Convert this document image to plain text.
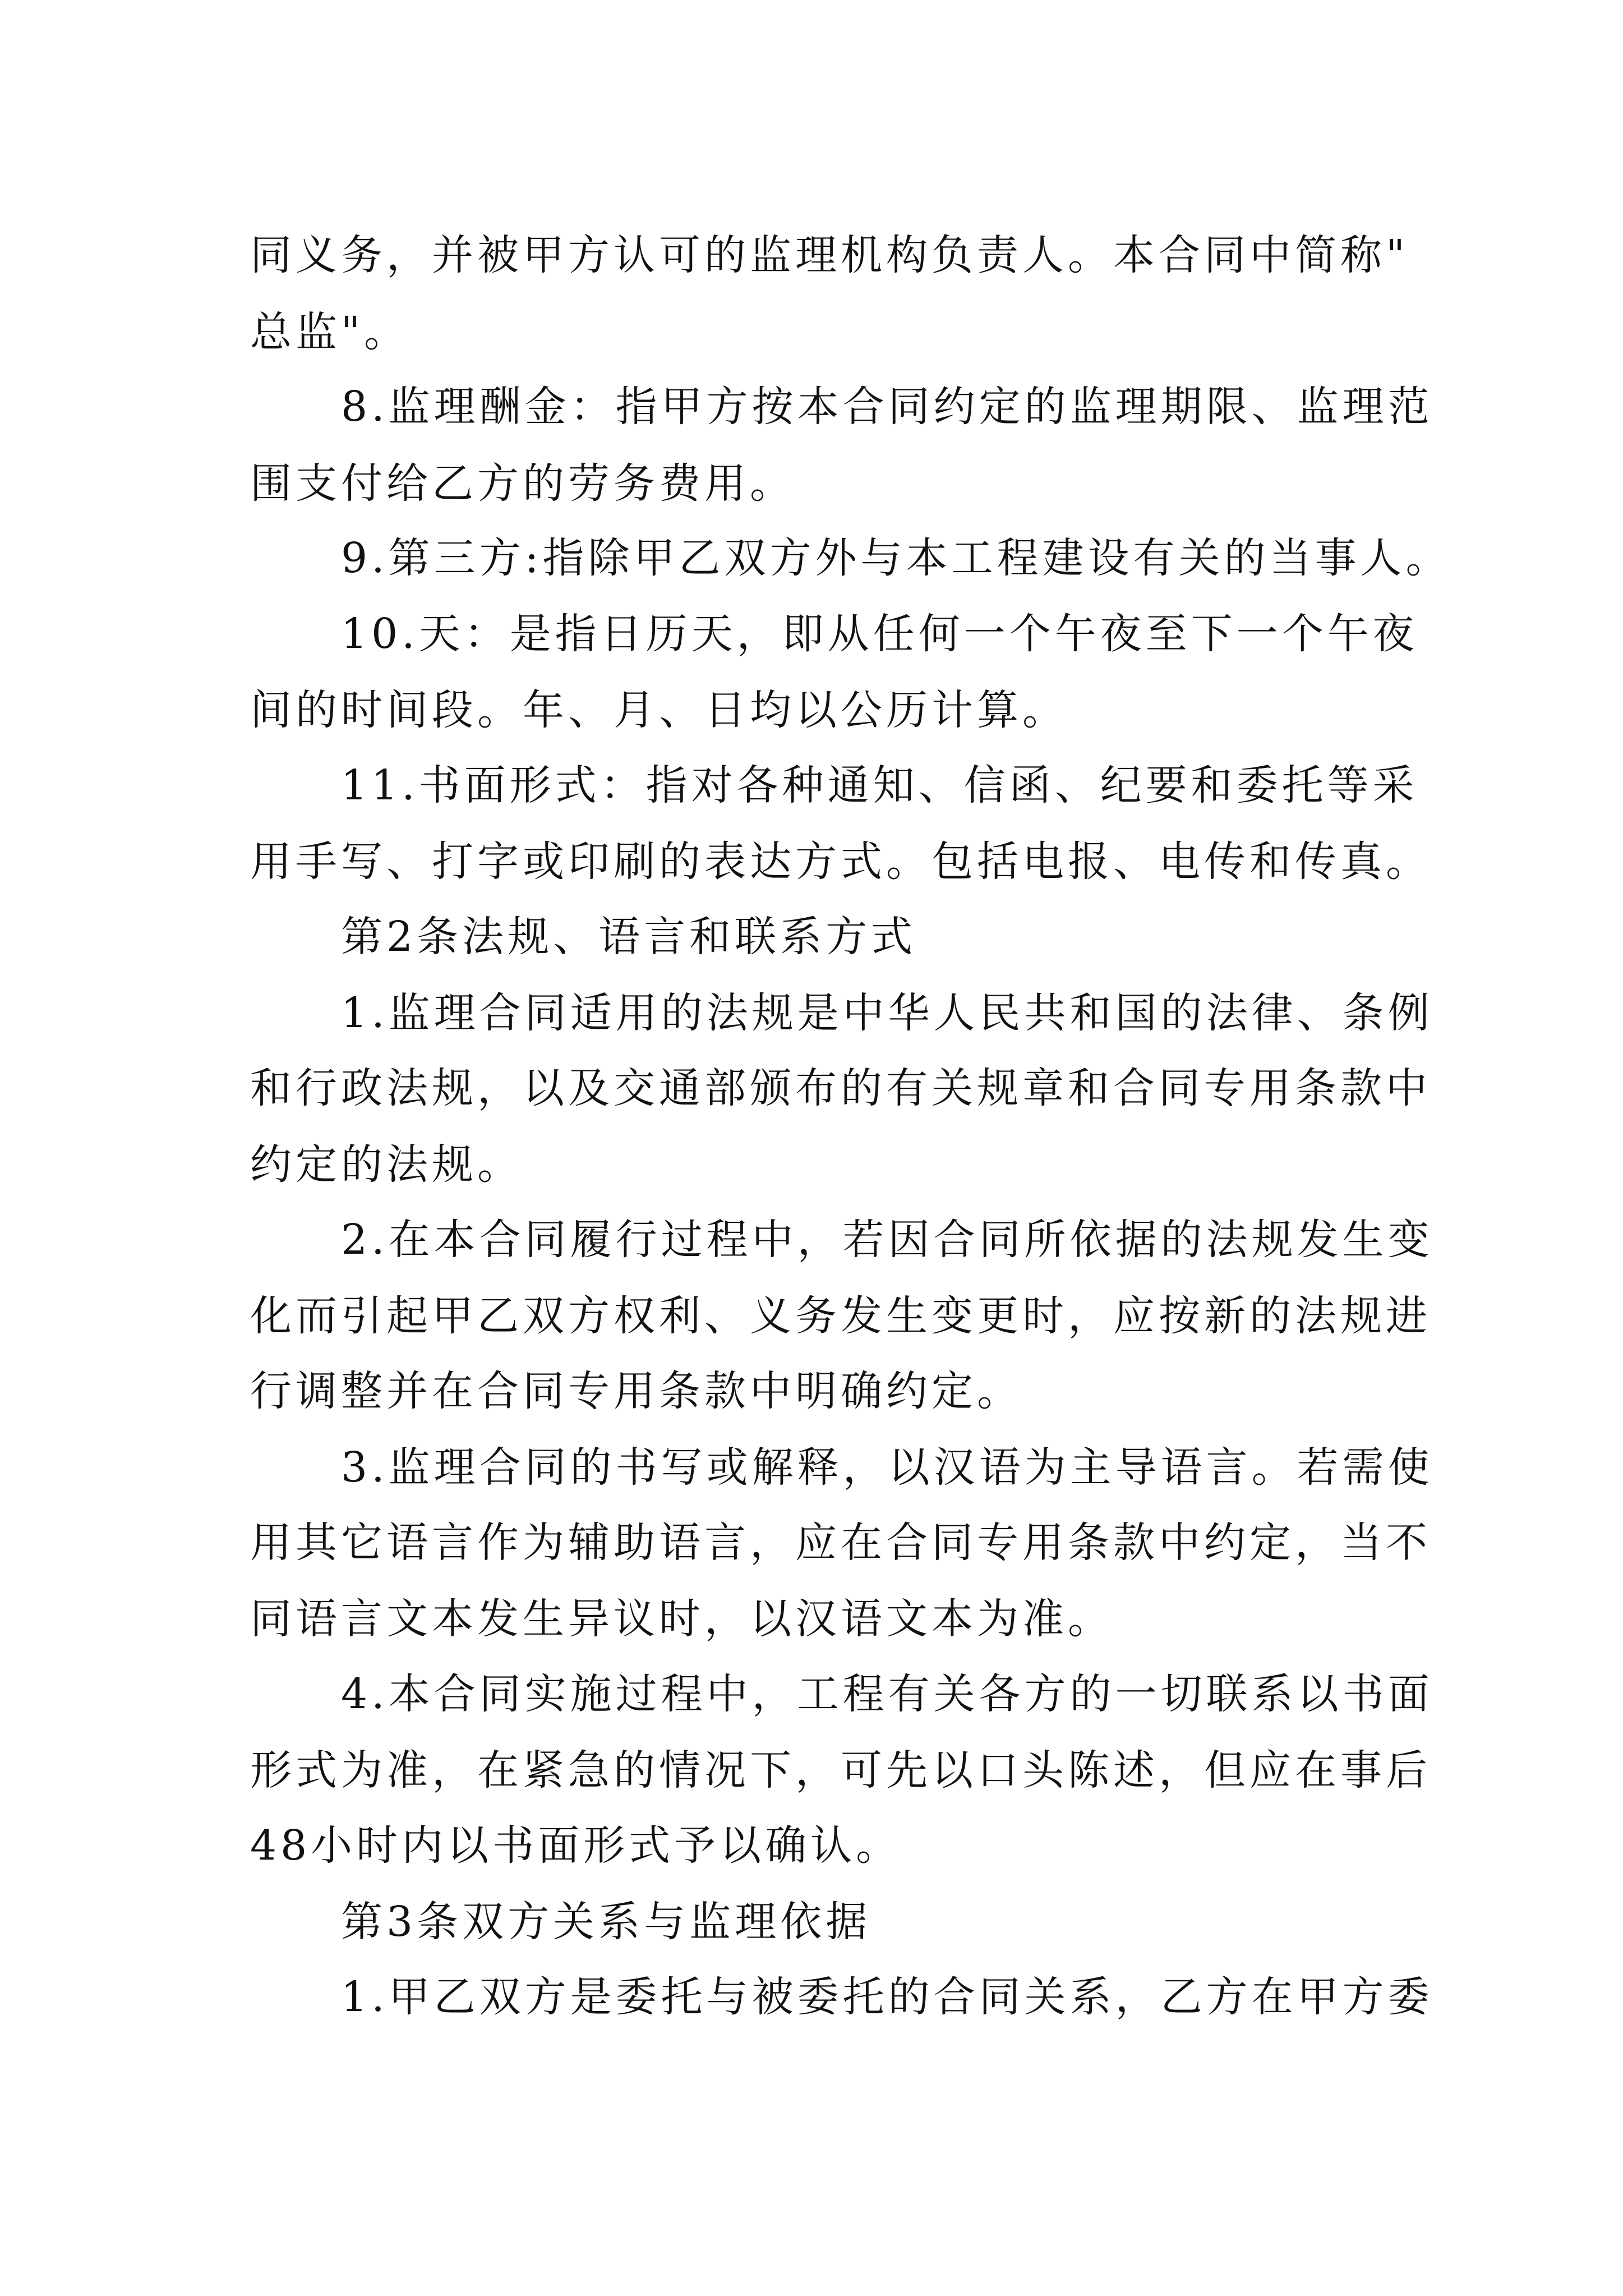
同义务，并被甲方认可的监理机构负责人。本合同中简称"
总监"。
8.监理酬金：指甲方按本合同约定的监理期限、监理范
围支付给乙方的劳务费用。
9.第三方:指除甲乙双方外与本工程建设有关的当事人。
10.天：是指日历天，即从任何一个午夜至下一个午夜
间的时间段。年、月、日均以公历计算。
11.书面形式：指对各种通知、信函、纪要和委托等采
用手写、打字或印刷的表达方式。包括电报、电传和传真。
第2条法规、语言和联系方式
1.监理合同适用的法规是中华人民共和国的法律、条例
和行政法规，以及交通部颁布的有关规章和合同专用条款中
约定的法规。
2.在本合同履行过程中，若因合同所依据的法规发生变
化而引起甲乙双方权利、义务发生变更时，应按新的法规进
行调整并在合同专用条款中明确约定。
3.监理合同的书写或解释，以汉语为主导语言。若需使
用其它语言作为辅助语言，应在合同专用条款中约定，当不
同语言文本发生异议时，以汉语文本为准。
4.本合同实施过程中，工程有关各方的一切联系以书面
形式为准，在紧急的情况下，可先以口头陈述，但应在事后
48小时内以书面形式予以确认。
第3条双方关系与监理依据
1.甲乙双方是委托与被委托的合同关系，乙方在甲方委
